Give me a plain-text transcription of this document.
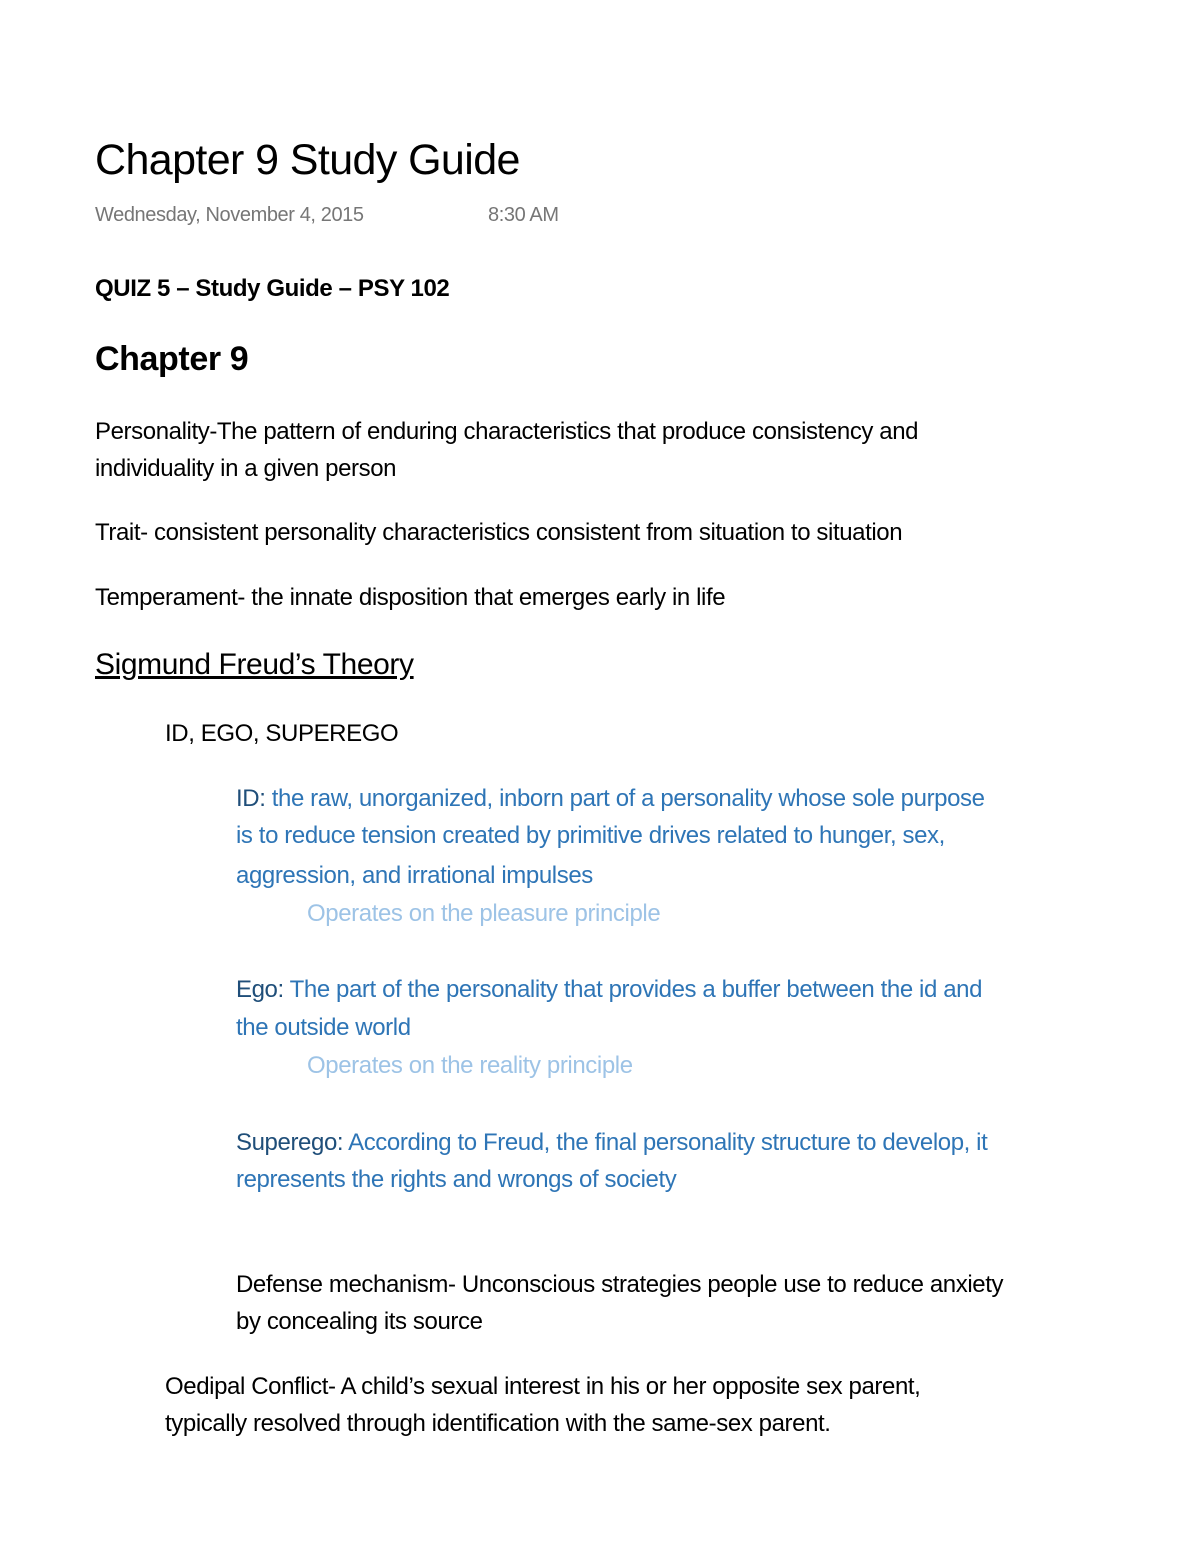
Chapter 9 Study Guide
Wednesday, November 4, 2015	8:30 AM
QUIZ 5 – Study Guide – PSY 102
Chapter 9
Personality-The pattern of enduring characteristics that produce consistency and
individuality in a given person
Trait- consistent personality characteristics consistent from situation to situation
Temperament- the innate disposition that emerges early in life
Sigmund Freud’s Theory
ID, EGO, SUPEREGO
ID: the raw, unorganized, inborn part of a personality whose sole purpose
is to reduce tension created by primitive drives related to hunger, sex,
aggression, and irrational impulses
Operates on the pleasure principle
Ego: The part of the personality that provides a buffer between the id and
the outside world
Operates on the reality principle
Superego: According to Freud, the final personality structure to develop, it
represents the rights and wrongs of society
Defense mechanism- Unconscious strategies people use to reduce anxiety
by concealing its source
Oedipal Conflict- A child’s sexual interest in his or her opposite sex parent,
typically resolved through identification with the same-sex parent.
